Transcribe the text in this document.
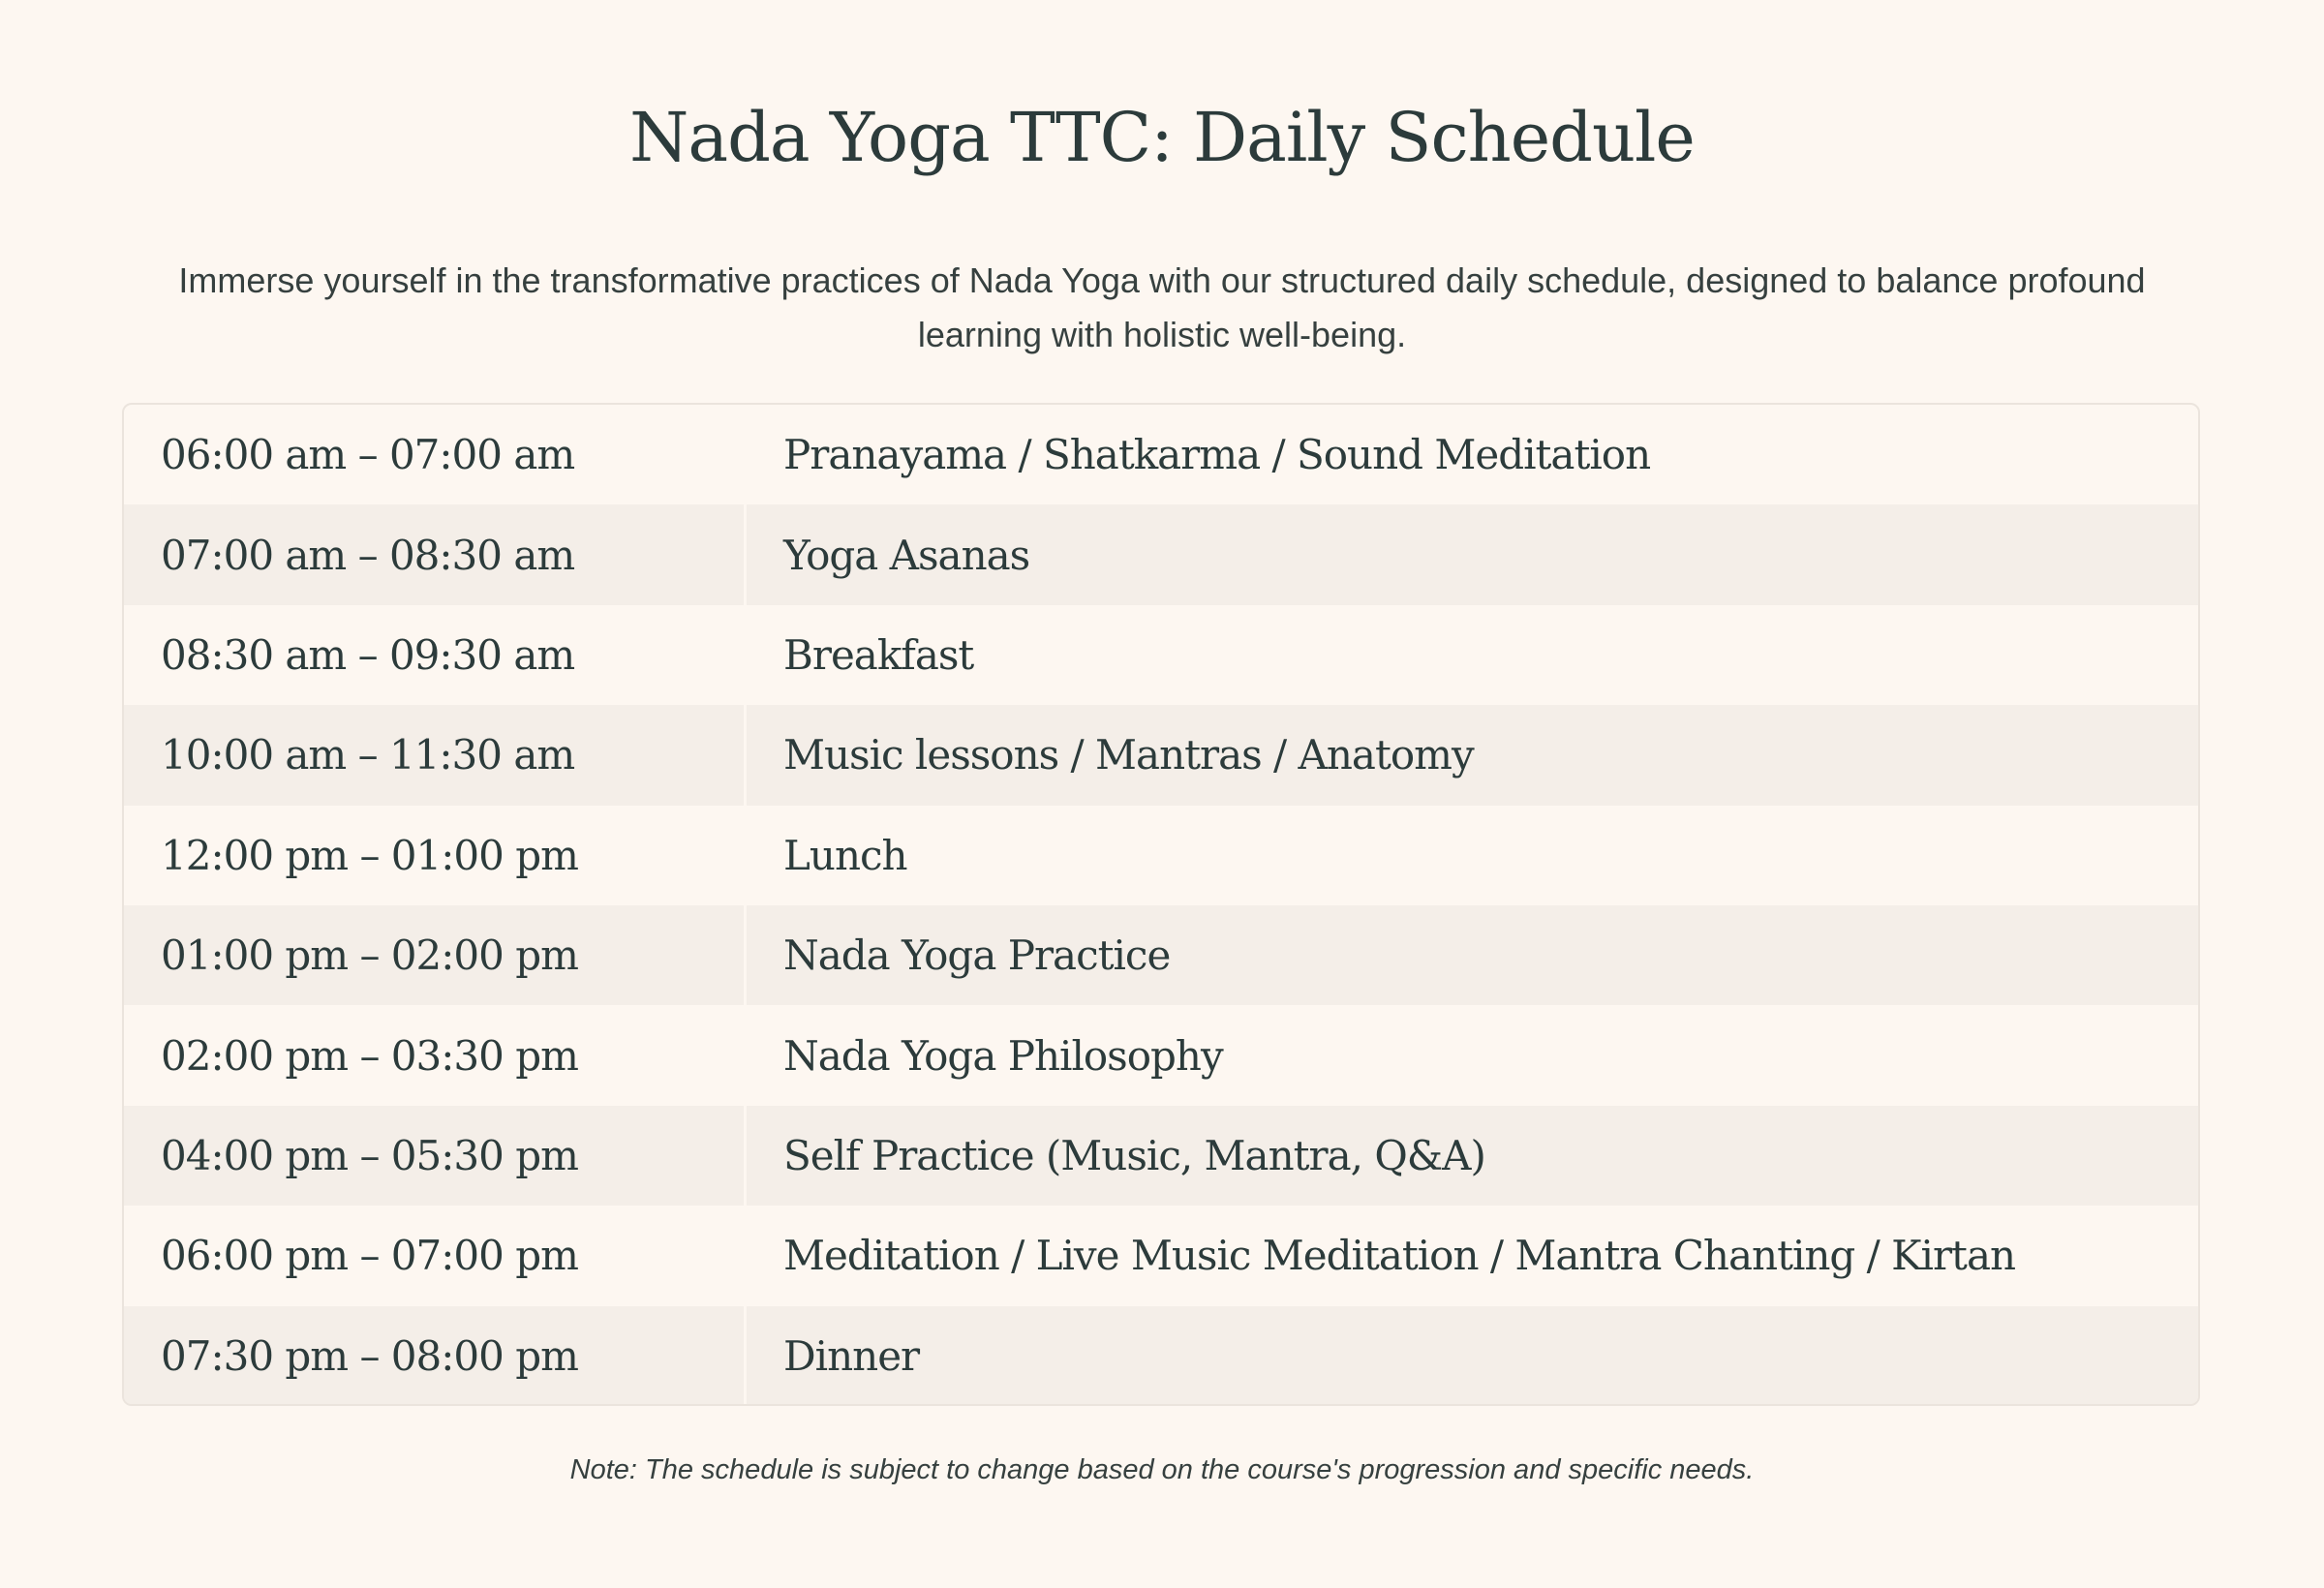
Nada Yoga TTC: Daily Schedule

Immerse yourself in the transformative practices of Nada Yoga with our structured daily schedule, designed to balance profound learning with holistic well-being.

06:00 am – 07:00 am	Pranayama / Shatkarma / Sound Meditation
07:00 am – 08:30 am	Yoga Asanas
08:30 am – 09:30 am	Breakfast
10:00 am – 11:30 am	Music lessons / Mantras / Anatomy
12:00 pm – 01:00 pm	Lunch
01:00 pm – 02:00 pm	Nada Yoga Practice
02:00 pm – 03:30 pm	Nada Yoga Philosophy
04:00 pm – 05:30 pm	Self Practice (Music, Mantra, Q&A)
06:00 pm – 07:00 pm	Meditation / Live Music Meditation / Mantra Chanting / Kirtan
07:30 pm – 08:00 pm	Dinner

Note: The schedule is subject to change based on the course's progression and specific needs.
